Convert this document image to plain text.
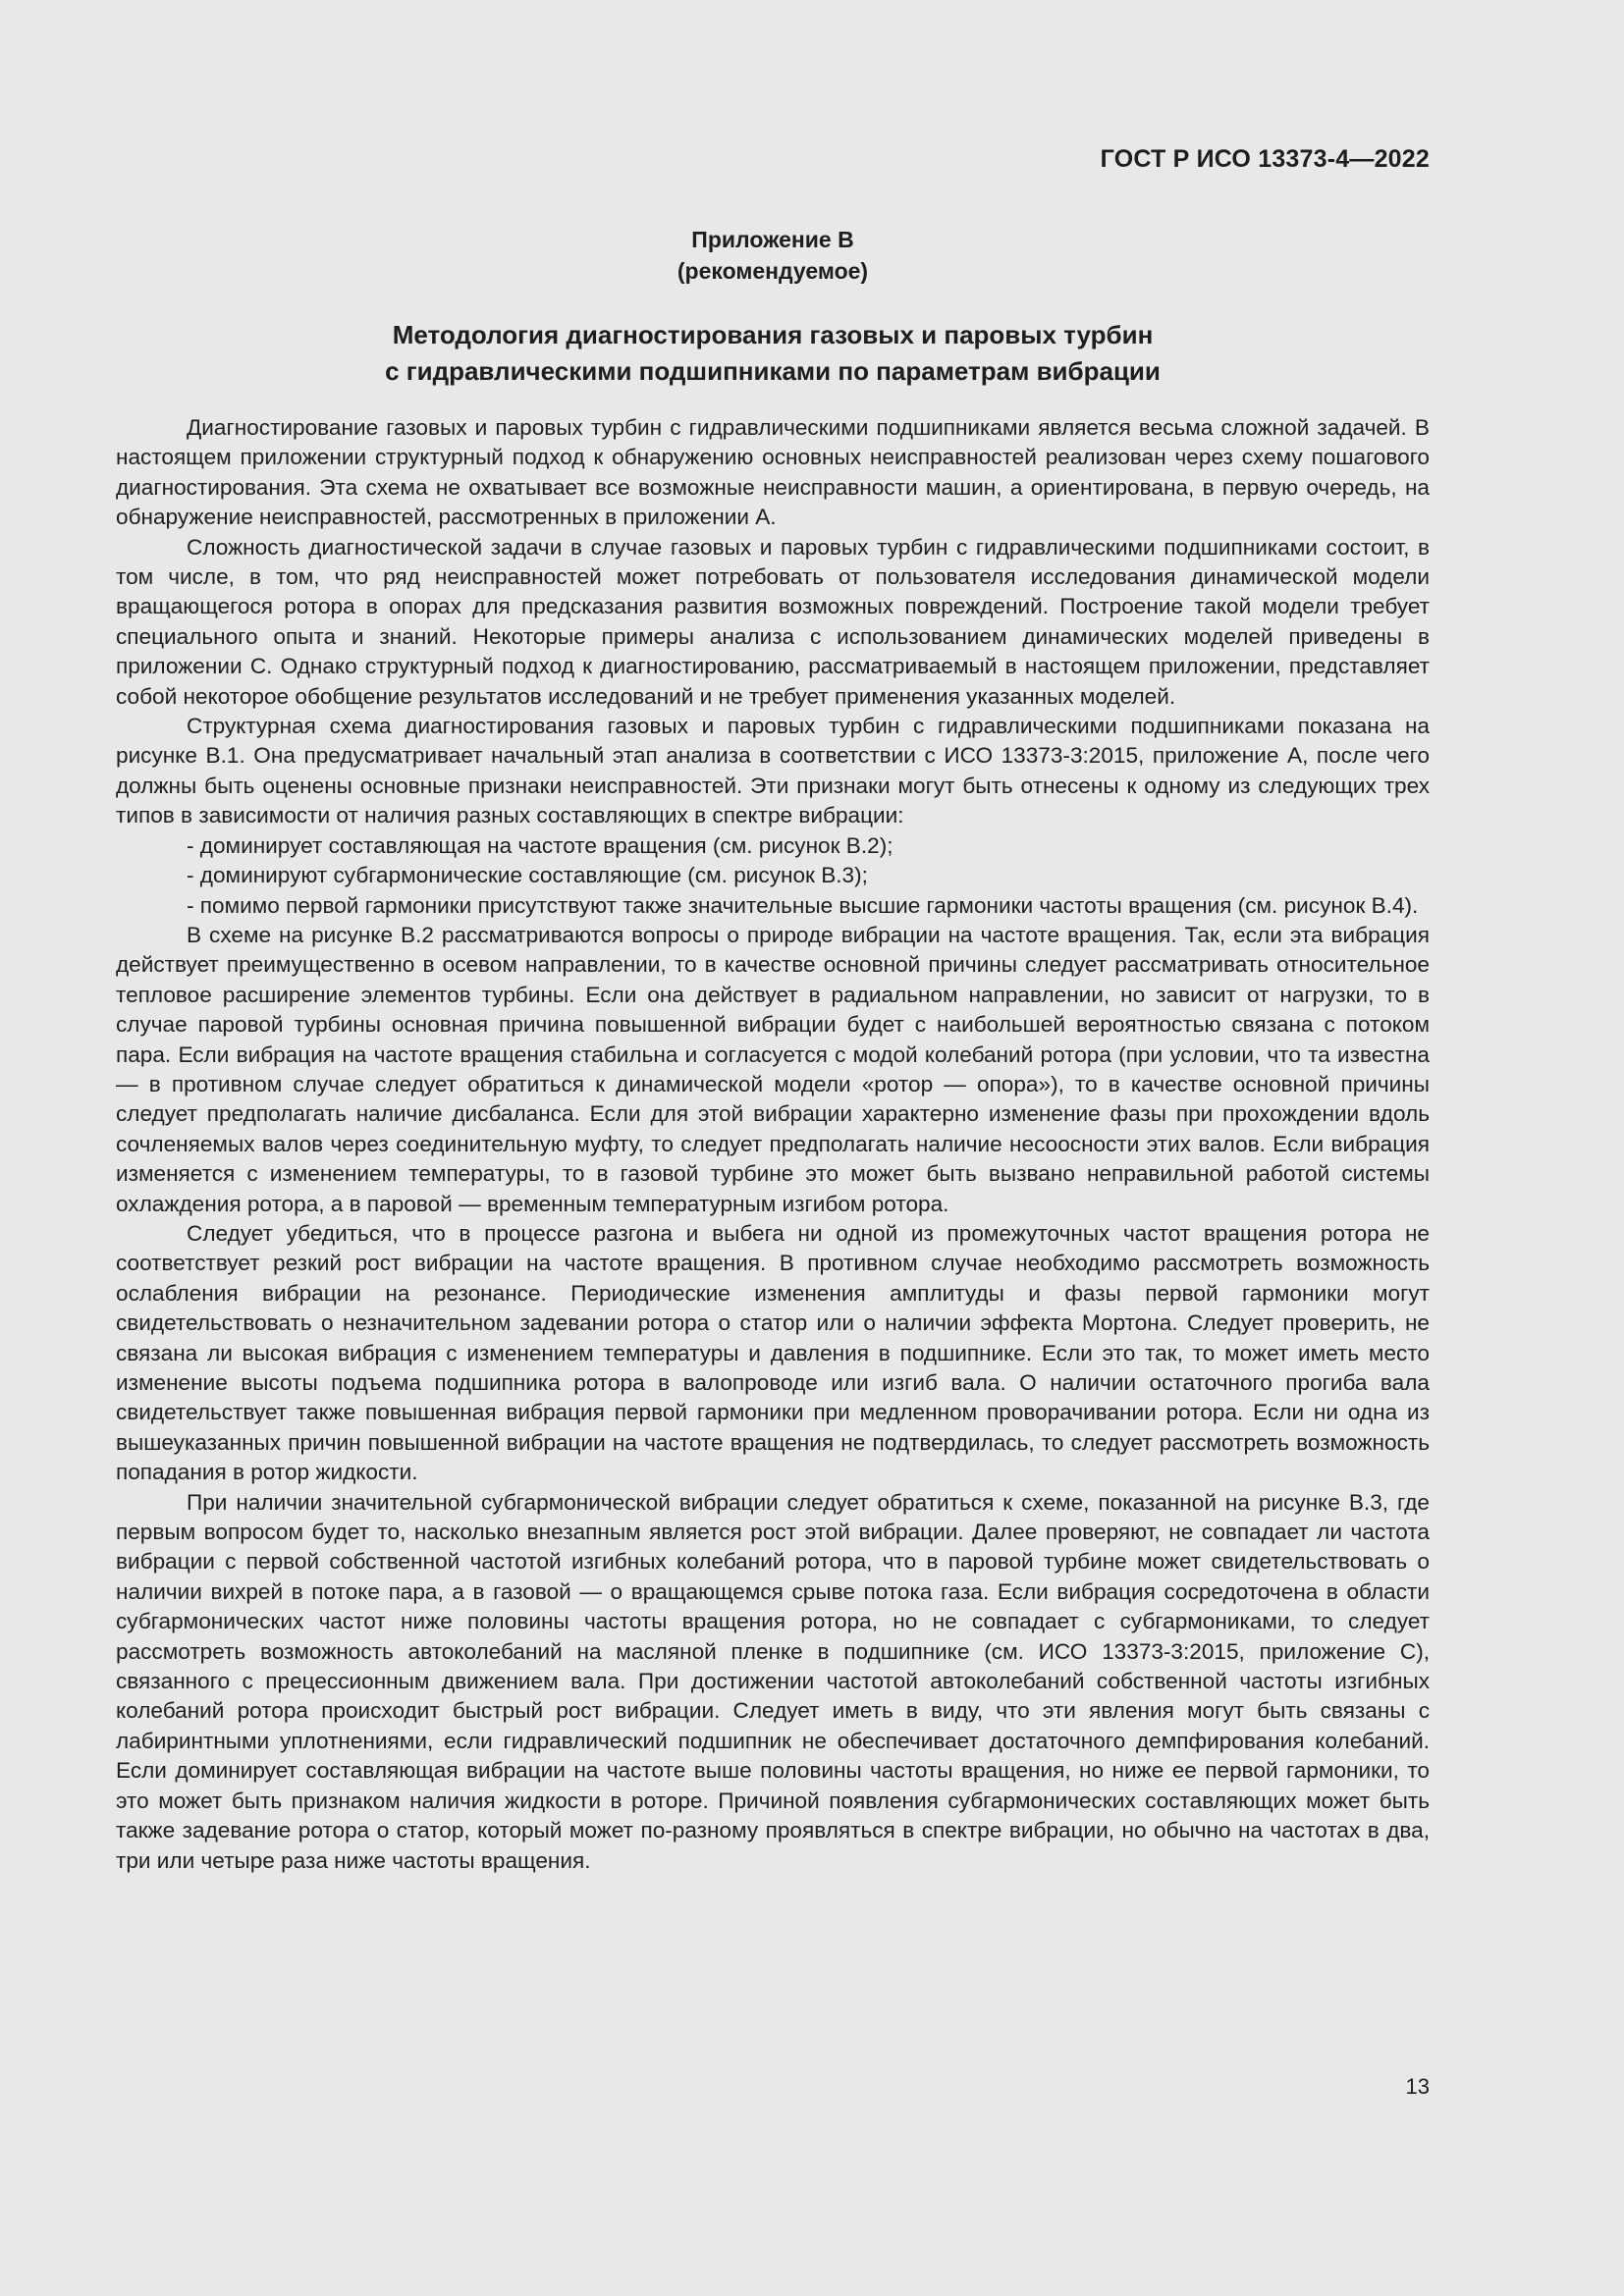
ГОСТ Р ИСО 13373-4—2022
Приложение В
(рекомендуемое)
Методология диагностирования газовых и паровых турбин
с гидравлическими подшипниками по параметрам вибрации

Диагностирование газовых и паровых турбин с гидравлическими подшипниками является весьма сложной задачей. В настоящем приложении структурный подход к обнаружению основных неисправностей реализован через схему пошагового диагностирования. Эта схема не охватывает все возможные неисправности машин, а ориентирована, в первую очередь, на обнаружение неисправностей, рассмотренных в приложении А.

Сложность диагностической задачи в случае газовых и паровых турбин с гидравлическими подшипниками состоит, в том числе, в том, что ряд неисправностей может потребовать от пользователя исследования динамической модели вращающегося ротора в опорах для предсказания развития возможных повреждений. Построение такой модели требует специального опыта и знаний. Некоторые примеры анализа с использованием динамических моделей приведены в приложении С. Однако структурный подход к диагностированию, рассматриваемый в настоящем приложении, представляет собой некоторое обобщение результатов исследований и не требует применения указанных моделей.

Структурная схема диагностирования газовых и паровых турбин с гидравлическими подшипниками показана на рисунке В.1. Она предусматривает начальный этап анализа в соответствии с ИСО 13373-3:2015, приложение А, после чего должны быть оценены основные признаки неисправностей. Эти признаки могут быть отнесены к одному из следующих трех типов в зависимости от наличия разных составляющих в спектре вибрации:

- доминирует составляющая на частоте вращения (см. рисунок В.2);

- доминируют субгармонические составляющие (см. рисунок В.3);

- помимо первой гармоники присутствуют также значительные высшие гармоники частоты вращения (см. рисунок В.4).

В схеме на рисунке В.2 рассматриваются вопросы о природе вибрации на частоте вращения. Так, если эта вибрация действует преимущественно в осевом направлении, то в качестве основной причины следует рассматривать относительное тепловое расширение элементов турбины. Если она действует в радиальном направлении, но зависит от нагрузки, то в случае паровой турбины основная причина повышенной вибрации будет с наибольшей вероятностью связана с потоком пара. Если вибрация на частоте вращения стабильна и согласуется с модой колебаний ротора (при условии, что та известна — в противном случае следует обратиться к динамической модели «ротор — опора»), то в качестве основной причины следует предполагать наличие дисбаланса. Если для этой вибрации характерно изменение фазы при прохождении вдоль сочленяемых валов через соединительную муфту, то следует предполагать наличие несоосности этих валов. Если вибрация изменяется с изменением температуры, то в газовой турбине это может быть вызвано неправильной работой системы охлаждения ротора, а в паровой — временным температурным изгибом ротора.

Следует убедиться, что в процессе разгона и выбега ни одной из промежуточных частот вращения ротора не соответствует резкий рост вибрации на частоте вращения. В противном случае необходимо рассмотреть возможность ослабления вибрации на резонансе. Периодические изменения амплитуды и фазы первой гармоники могут свидетельствовать о незначительном задевании ротора о статор или о наличии эффекта Мортона. Следует проверить, не связана ли высокая вибрация с изменением температуры и давления в подшипнике. Если это так, то может иметь место изменение высоты подъема подшипника ротора в валопроводе или изгиб вала. О наличии остаточного прогиба вала свидетельствует также повышенная вибрация первой гармоники при медленном проворачивании ротора. Если ни одна из вышеуказанных причин повышенной вибрации на частоте вращения не подтвердилась, то следует рассмотреть возможность попадания в ротор жидкости.

При наличии значительной субгармонической вибрации следует обратиться к схеме, показанной на рисунке В.3, где первым вопросом будет то, насколько внезапным является рост этой вибрации. Далее проверяют, не совпадает ли частота вибрации с первой собственной частотой изгибных колебаний ротора, что в паровой турбине может свидетельствовать о наличии вихрей в потоке пара, а в газовой — о вращающемся срыве потока газа. Если вибрация сосредоточена в области субгармонических частот ниже половины частоты вращения ротора, но не совпадает с субгармониками, то следует рассмотреть возможность автоколебаний на масляной пленке в подшипнике (см. ИСО 13373-3:2015, приложение С), связанного с прецессионным движением вала. При достижении частотой автоколебаний собственной частоты изгибных колебаний ротора происходит быстрый рост вибрации. Следует иметь в виду, что эти явления могут быть связаны с лабиринтными уплотнениями, если гидравлический подшипник не обеспечивает достаточного демпфирования колебаний. Если доминирует составляющая вибрации на частоте выше половины частоты вращения, но ниже ее первой гармоники, то это может быть признаком наличия жидкости в роторе. Причиной появления субгармонических составляющих может быть также задевание ротора о статор, который может по-разному проявляться в спектре вибрации, но обычно на частотах в два, три или четыре раза ниже частоты вращения.

13
